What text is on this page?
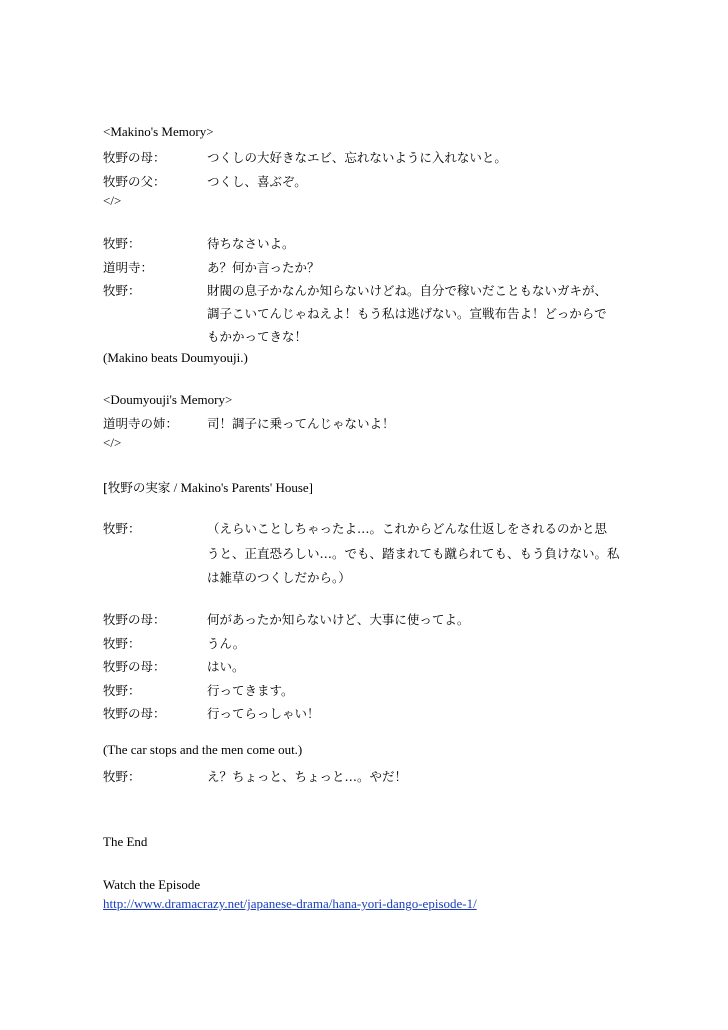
<Makino's Memory>
牧野の母：	つくしの大好きなエビ、忘れないように入れないと。
牧野の父：	つくし、喜ぶぞ。
</>
牧野：	待ちなさいよ。
道明寺：	あ？何か言ったか？
牧野：	財閥の息子かなんか知らないけどね。自分で稼いだこともないガキが、
調子こいてんじゃねえよ！もう私は逃げない。宣戦布告よ！どっからで
もかかってきな！
(Makino beats Doumyouji.)
<Doumyouji's Memory>
道明寺の姉： 司！調子に乗ってんじゃないよ！
</>
[牧野の実家 / Makino's Parents' House]
牧野：	（えらいことしちゃったよ…。これからどんな仕返しをされるのかと思
うと、正直恐ろしい…。でも、踏まれても蹴られても、もう負けない。私
は雑草のつくしだから。）
牧野の母：	何があったか知らないけど、大事に使ってよ。
牧野：	うん。
牧野の母：	はい。
牧野：	行ってきます。
牧野の母：	行ってらっしゃい！
(The car stops and the men come out.)
牧野：	え？ちょっと、ちょっと…。やだ！
The End
Watch the Episode
http://www.dramacrazy.net/japanese-drama/hana-yori-dango-episode-1/
